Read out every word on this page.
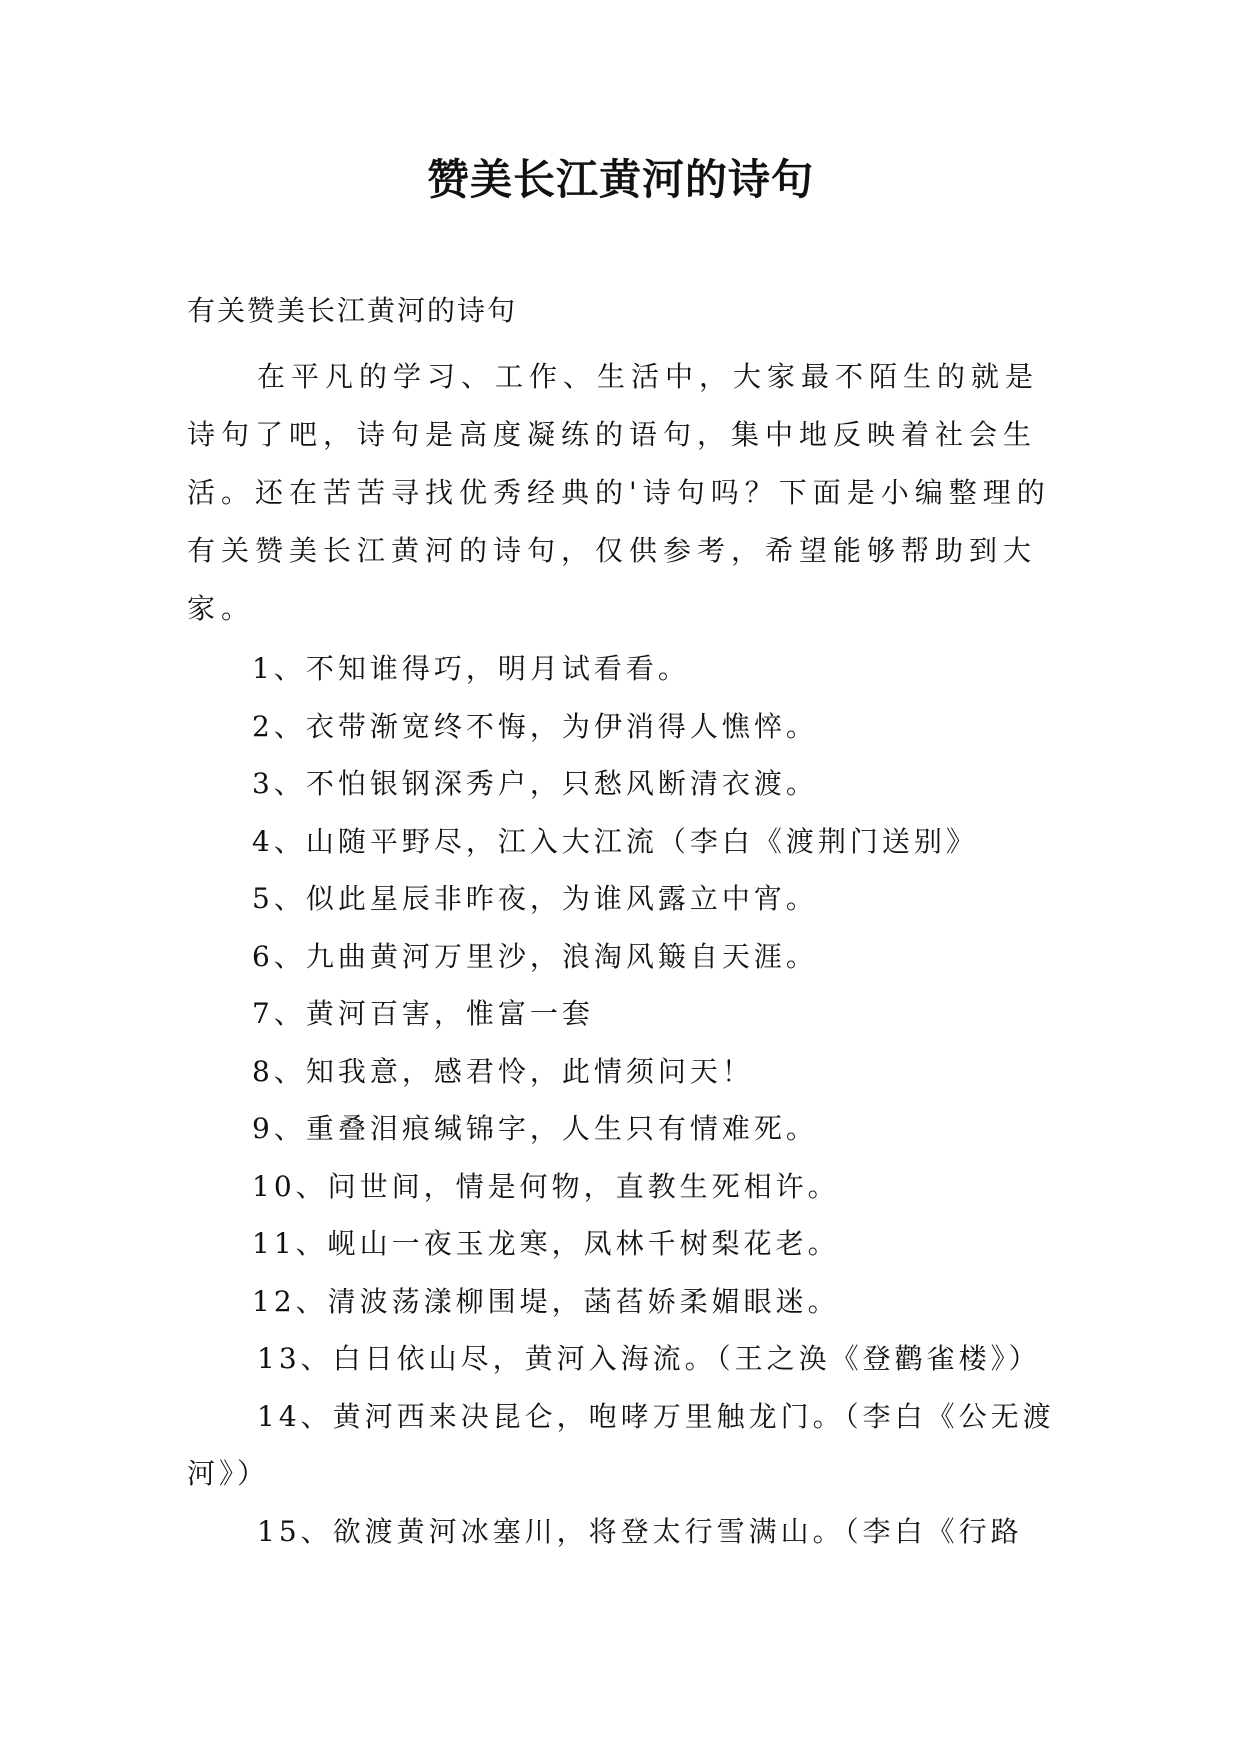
赞美长江黄河的诗句

有关赞美长江黄河的诗句

在平凡的学习、工作、生活中，大家最不陌生的就是诗句了吧，诗句是高度凝练的语句，集中地反映着社会生活。还在苦苦寻找优秀经典的'诗句吗？下面是小编整理的有关赞美长江黄河的诗句，仅供参考，希望能够帮助到大家。

1、不知谁得巧，明月试看看。
2、衣带渐宽终不悔，为伊消得人憔悴。
3、不怕银钢深秀户，只愁风断清衣渡。
4、山随平野尽，江入大江流（李白《渡荆门送别》
5、似此星辰非昨夜，为谁风露立中宵。
6、九曲黄河万里沙，浪淘风簸自天涯。
7、黄河百害，惟富一套
8、知我意，感君怜，此情须问天！
9、重叠泪痕缄锦字，人生只有情难死。
10、问世间，情是何物，直教生死相许。
11、岘山一夜玉龙寒，凤林千树梨花老。
12、清波荡漾柳围堤，菡萏娇柔媚眼迷。
13、白日依山尽，黄河入海流。（王之涣《登鹳雀楼》）
14、黄河西来决昆仑，咆哮万里触龙门。（李白《公无渡河》）
15、欲渡黄河冰塞川，将登太行雪满山。（李白《行路
